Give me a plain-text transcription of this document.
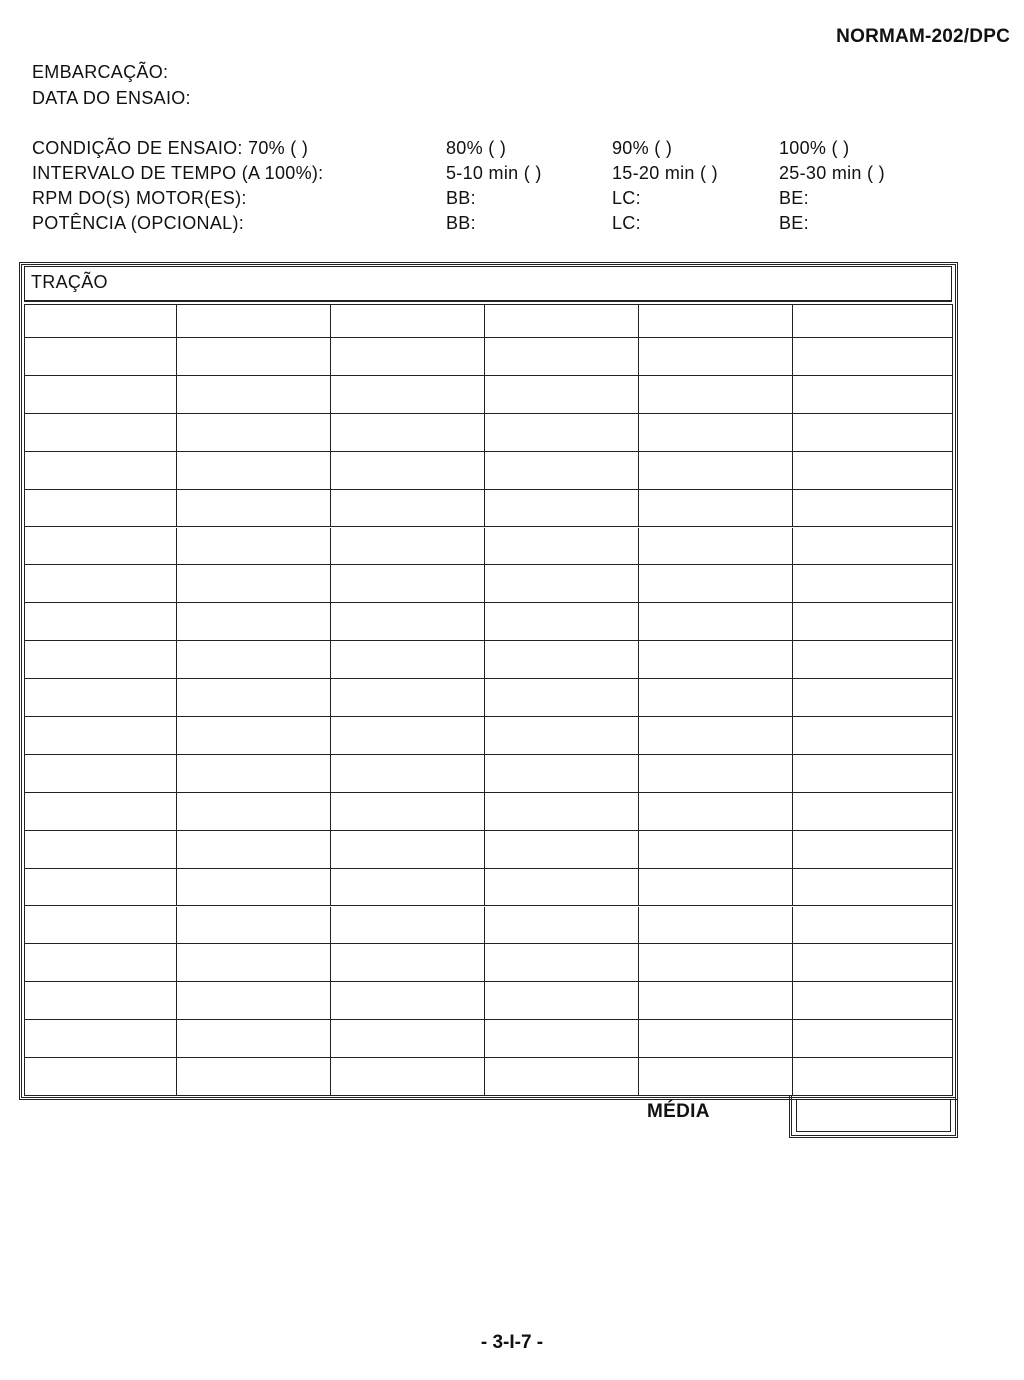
NORMAM-202/DPC
EMBARCAÇÃO:
DATA DO ENSAIO:
CONDIÇÃO DE ENSAIO: 70% ( )	80% ( )	90% ( )	100% ( )
INTERVALO DE TEMPO (A 100%):	5-10 min ( )	15-20 min ( )	25-30 min ( )
RPM DO(S) MOTOR(ES):	BB:	LC:	BE:
POTÊNCIA (OPCIONAL):	BB:	LC:	BE:
TRAÇÃO
MÉDIA
- 3-I-7 -
